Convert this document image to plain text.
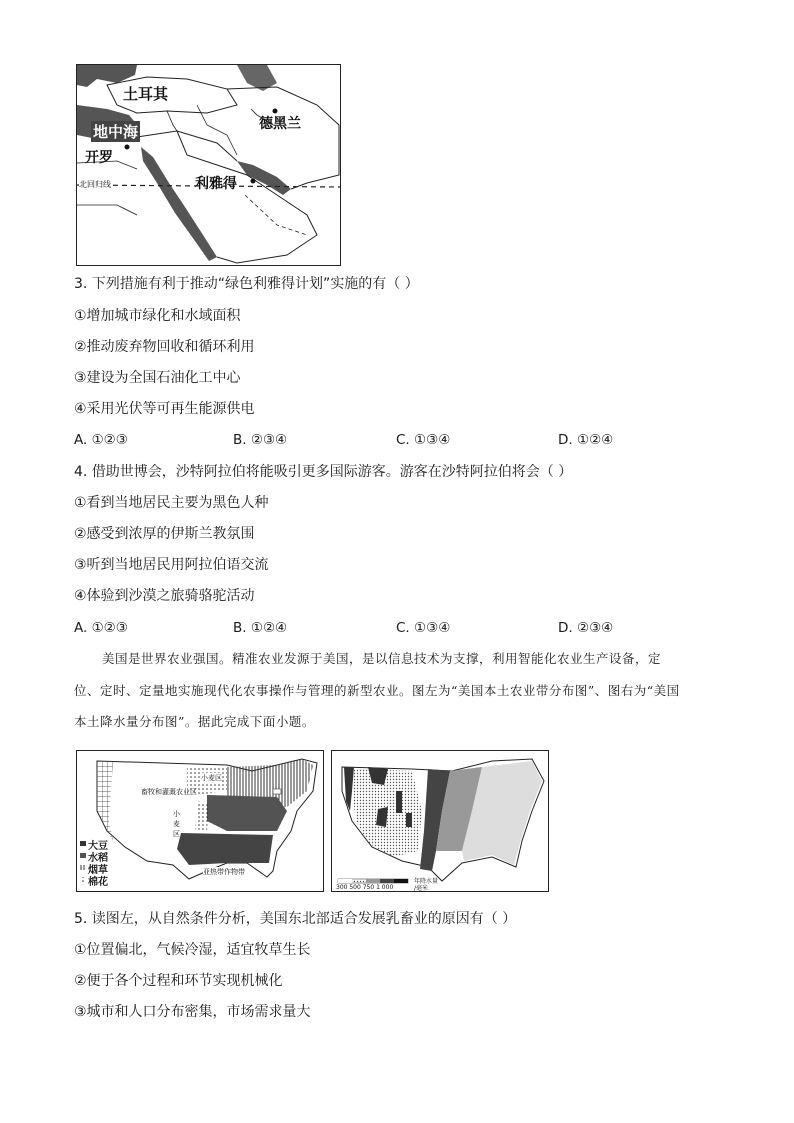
土耳其
地中海
开罗
德黑兰
利雅得
北回归线
3. 下列措施有利于推动“绿色利雅得计划”实施的有（ ）
①增加城市绿化和水域面积
②推动废弃物回收和循环利用
③建设为全国石油化工中心
④采用光伏等可再生能源供电
A. ①②③	B. ②③④	C. ①③④	D. ①②④
4. 借助世博会，沙特阿拉伯将能吸引更多国际游客。游客在沙特阿拉伯将会（ ）
①看到当地居民主要为黑色人种
②感受到浓厚的伊斯兰教氛围
③听到当地居民用阿拉伯语交流
④体验到沙漠之旅骑骆驼活动
A. ①②③	B. ①②④	C. ①③④	D. ②③④
美国是世界农业强国。精准农业发源于美国，是以信息技术为支撑，利用智能化农业生产设备，定
位、定时、定量地实施现代化农事操作与管理的新型农业。图左为“美国本土农业带分布图”、图右为“美国
本土降水量分布图”。据此完成下面小题。
畜牧和灌溉农业区
小麦区
小
麦
区
亚热带作物带
大豆
水稻
烟草
棉花	300 500 750 1 000
年降水量
/毫米
5. 读图左，从自然条件分析，美国东北部适合发展乳畜业的原因有（ ）
①位置偏北，气候冷湿，适宜牧草生长
②便于各个过程和环节实现机械化
③城市和人口分布密集，市场需求量大
